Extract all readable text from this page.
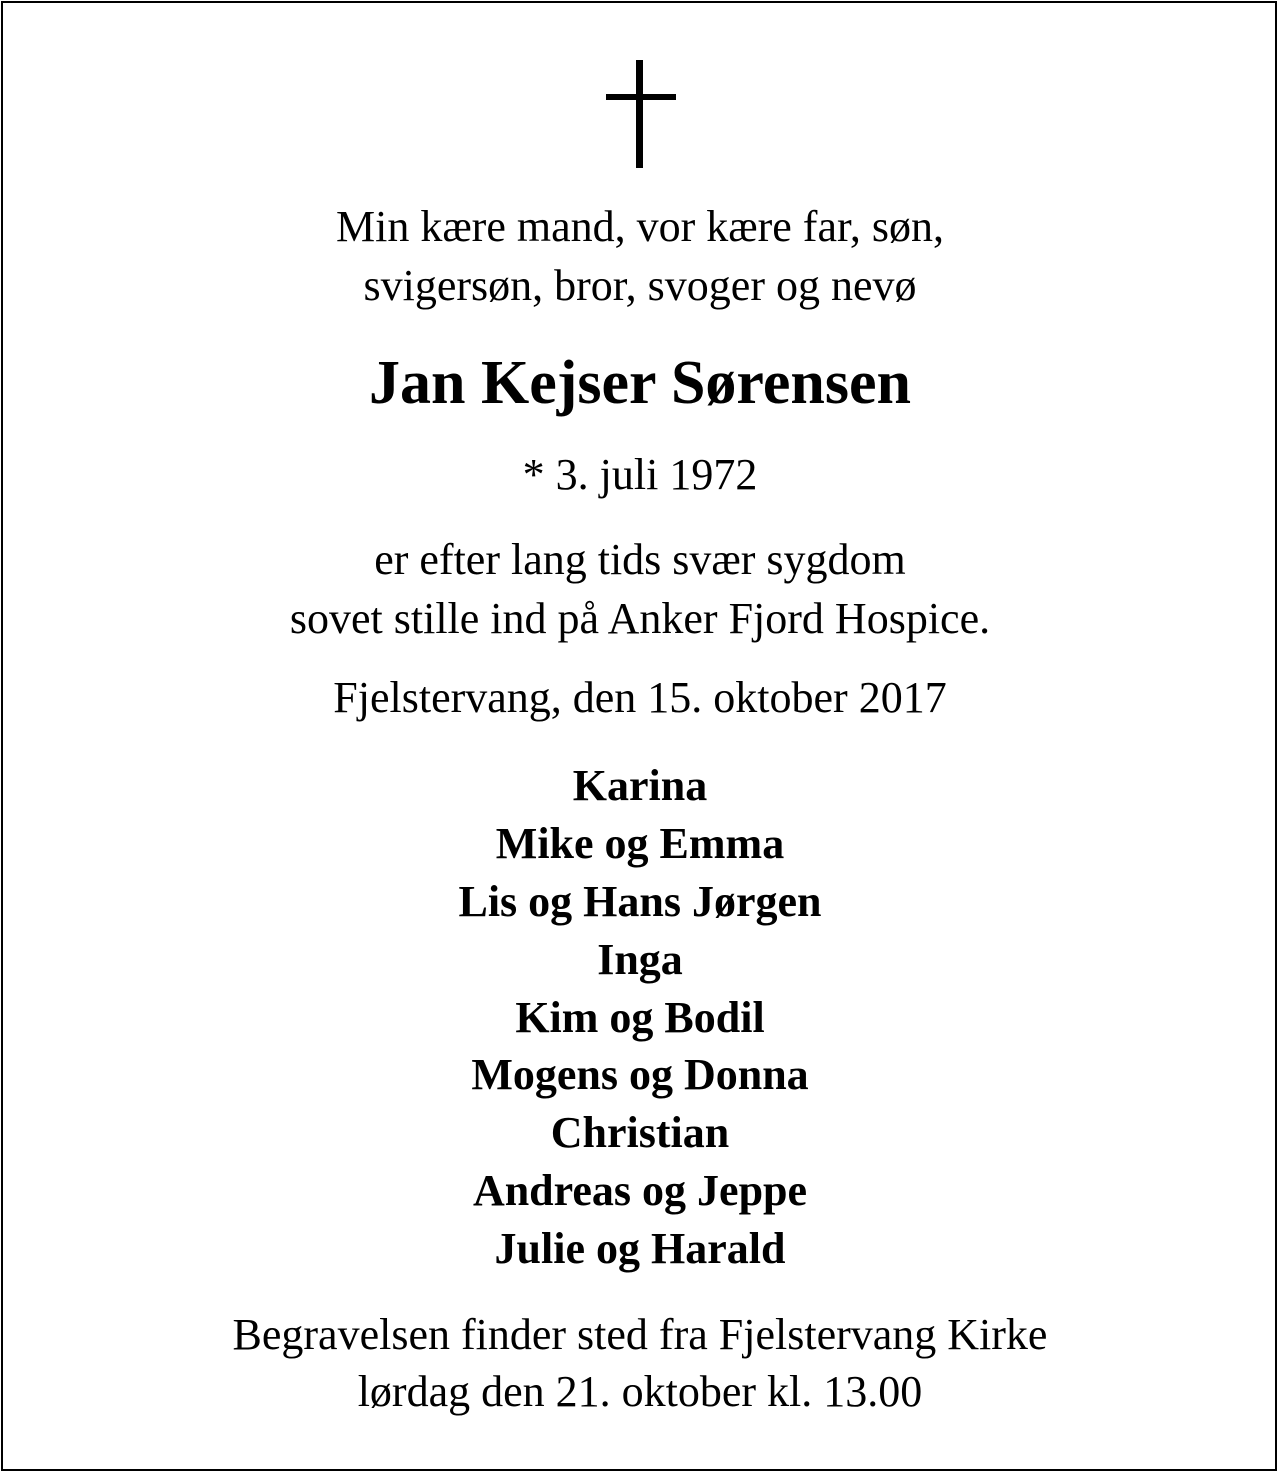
Min kære mand, vor kære far, søn,
svigersøn, bror, svoger og nevø
Jan Kejser Sørensen
* 3. juli 1972
er efter lang tids svær sygdom
sovet stille ind på Anker Fjord Hospice.
Fjelstervang, den 15. oktober 2017
Karina
Mike og Emma
Lis og Hans Jørgen
Inga
Kim og Bodil
Mogens og Donna
Christian
Andreas og Jeppe
Julie og Harald
Begravelsen finder sted fra Fjelstervang Kirke
lørdag den 21. oktober kl. 13.00
